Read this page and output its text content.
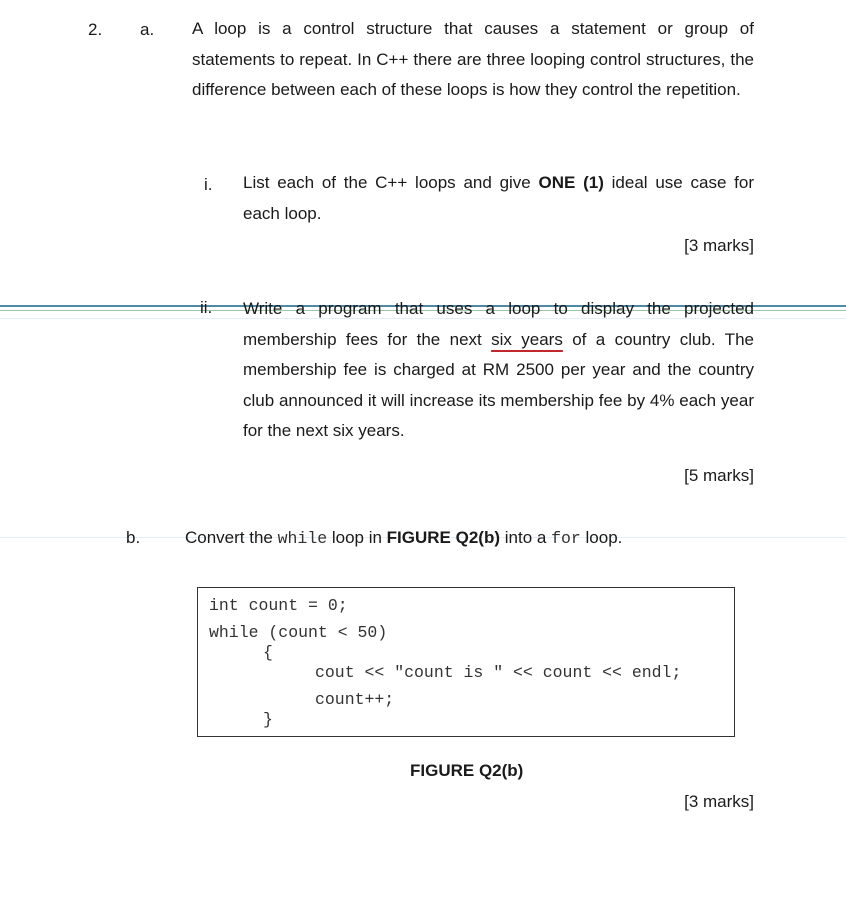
2. a. A loop is a control structure that causes a statement or group of statements to repeat. In C++ there are three looping control structures, the difference between each of these loops is how they control the repetition.
i. List each of the C++ loops and give ONE (1) ideal use case for each loop.
[3 marks]
ii. Write a program that uses a loop to display the projected membership fees for the next six years of a country club. The membership fee is charged at RM 2500 per year and the country club announced it will increase its membership fee by 4% each year for the next six years.
[5 marks]
b.	Convert the while loop in FIGURE Q2(b) into a for loop.
int count = 0;
while (count < 50)
{
cout << "count is " << count << endl;
count++;
}
FIGURE Q2(b)
[3 marks]
